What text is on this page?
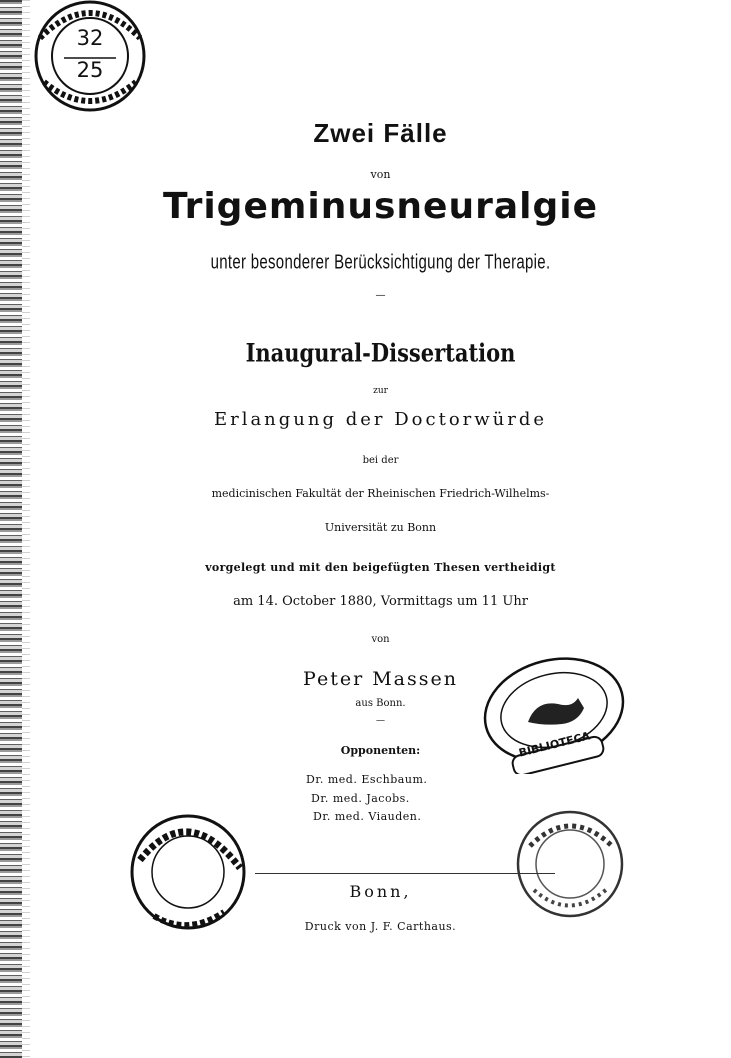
32
25
Zwei Fälle
von
Trigeminusneuralgie
unter besonderer Berücksichtigung der Therapie.
—
Inaugural-Dissertation
zur
Erlangung der Doctorwürde
bei der
medicinischen Fakultät der Rheinischen Friedrich-Wilhelms-
Universität zu Bonn
vorgelegt und mit den beigefügten Thesen vertheidigt
am 14. October 1880, Vormittags um 11 Uhr
von
Peter Massen
aus Bonn.
—
Opponenten:
Dr. med. Eschbaum.
Dr. med. Jacobs.
Dr. med. Viauden.
BIBLIOTECA
Bonn,
Druck von J. F. Carthaus.
